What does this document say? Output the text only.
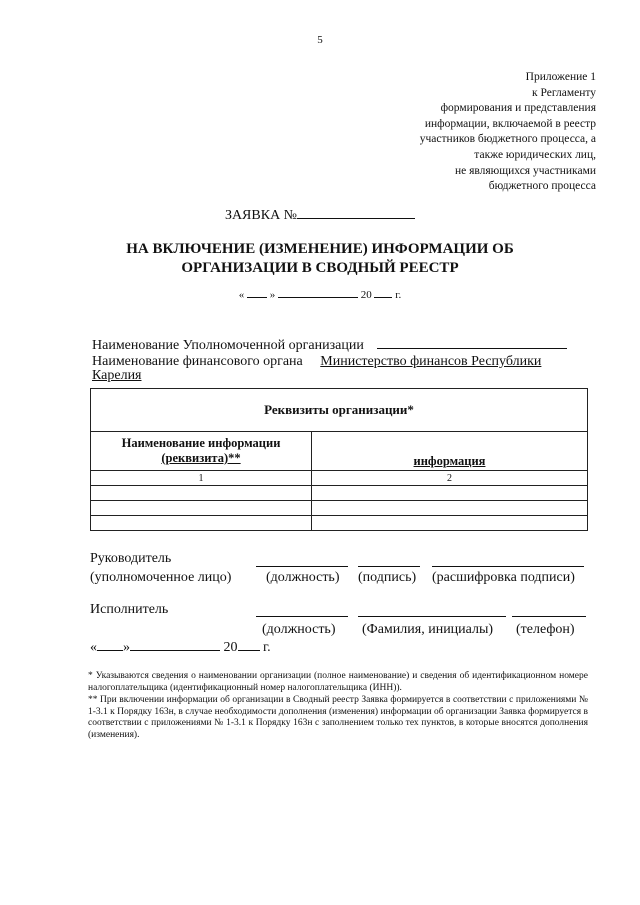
5
Приложение 1
к Регламенту
формирования и представления
информации, включаемой в реестр
участников бюджетного процесса, а
также юридических лиц,
не являющихся участниками
бюджетного процесса
ЗАЯВКА №
НА ВКЛЮЧЕНИЕ (ИЗМЕНЕНИЕ) ИНФОРМАЦИИ ОБ
ОРГАНИЗАЦИИ В СВОДНЫЙ РЕЕСТР
« »	20 г.
Наименование Уполномоченной организации
Наименование финансового органа Министерство финансов Республики
Карелия
Реквизиты организации*	

Наименование информации
(реквизита)**	информация
1	2

Руководитель
(уполномоченное лицо) (должность) (подпись) (расшифровка подписи)
Исполнитель
(должность) (Фамилия, инициалы) (телефон)
« »	20 г.

* Указываются сведения о наименовании организации (полное наименование) и сведения об идентификационном номере налогоплательщика (идентификационный номер налогоплательщика (ИНН)).

** При включении информации об организации в Сводный реестр Заявка формируется в соответствии с приложениями № 1-3.1 к Порядку 163н, в случае необходимости дополнения (изменения) информации об организации Заявка формируется в соответствии с приложениями № 1-3.1 к Порядку 163н с заполнением только тех пунктов, в которые вносятся дополнения (изменения).
